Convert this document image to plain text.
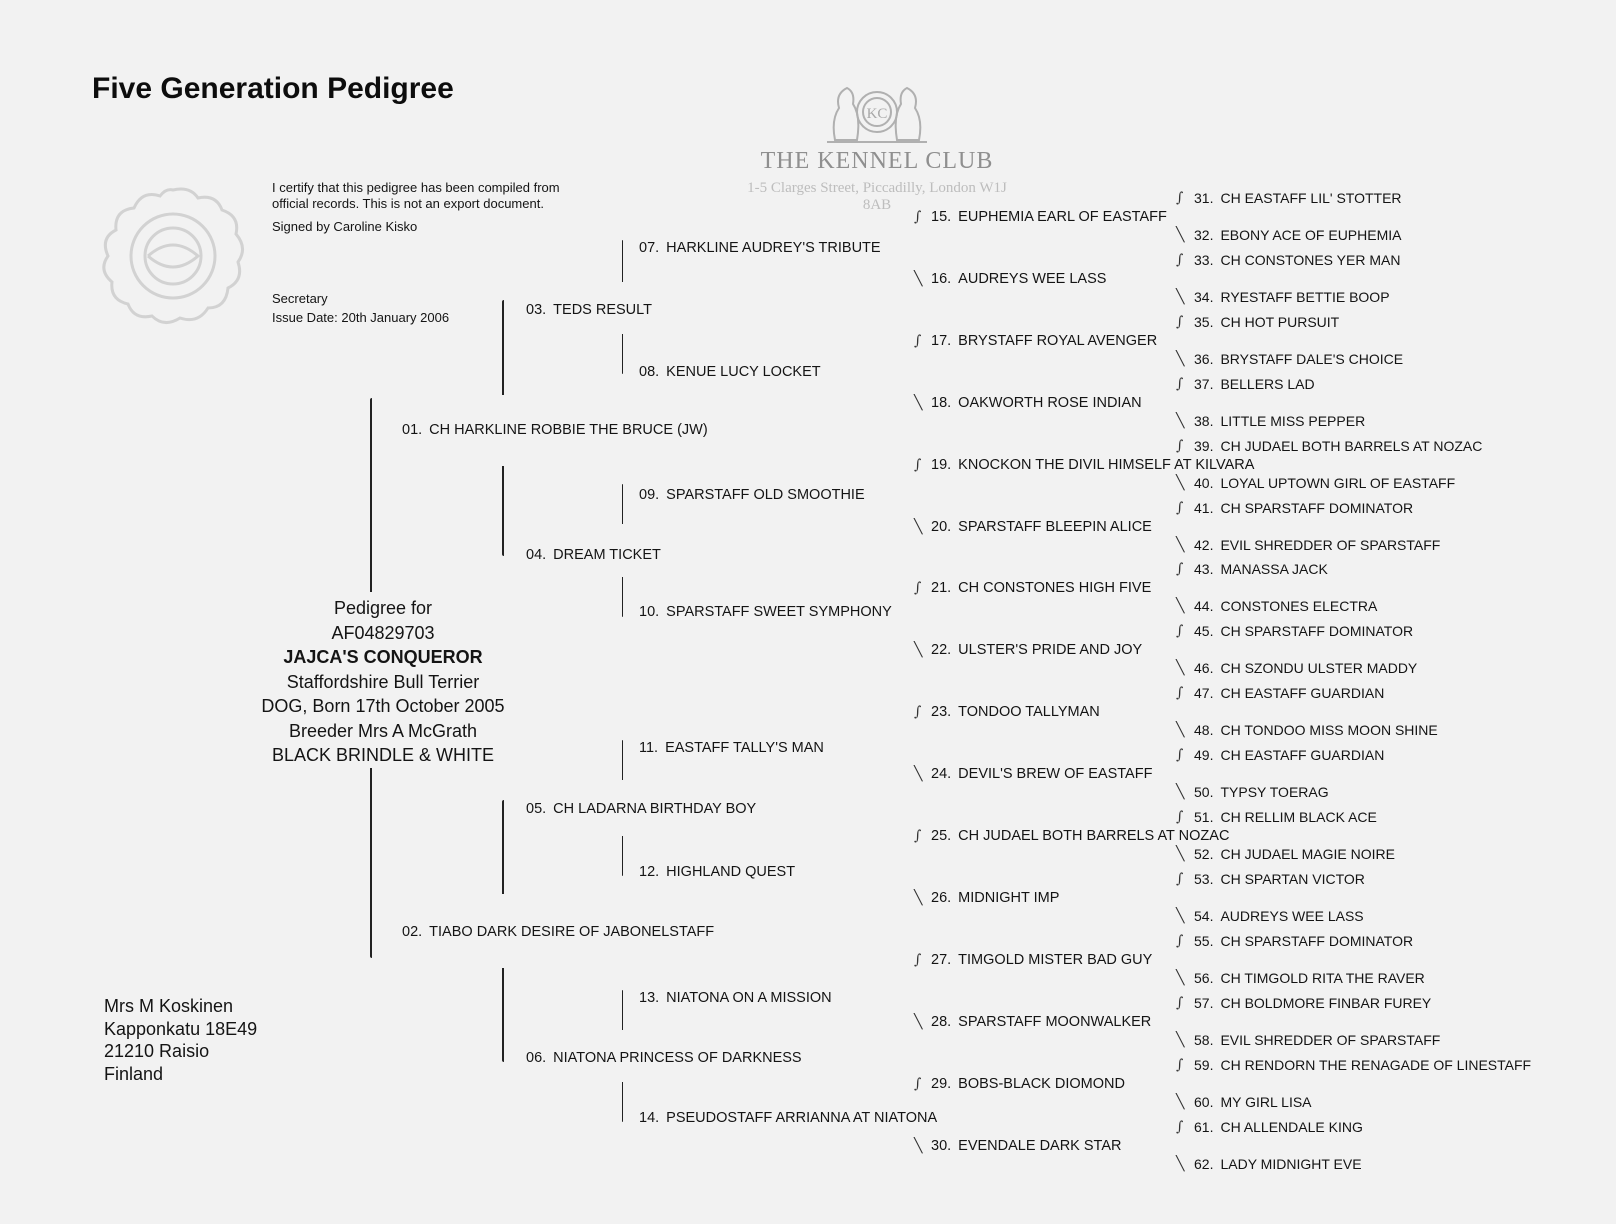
Five Generation Pedigree
I certify that this pedigree has been compiled from
official records. This is not an export document.
Signed by Caroline Kisko
Secretary
Issue Date: 20th January 2006
KC
THE KENNEL CLUB
1-5 Clarges Street, Piccadilly, London W1J 8AB
Pedigree for
AF04829703
JAJCA'S CONQUEROR
Staffordshire Bull Terrier
DOG, Born 17th October 2005
Breeder Mrs A McGrath
BLACK BRINDLE & WHITE
Mrs M Koskinen
Kapponkatu 18E49
21210 Raisio
Finland
01. CH HARKLINE ROBBIE THE BRUCE (JW)
02. TIABO DARK DESIRE OF JABONELSTAFF
03. TEDS RESULT
04. DREAM TICKET
05. CH LADARNA BIRTHDAY BOY
06. NIATONA PRINCESS OF DARKNESS
07. HARKLINE AUDREY'S TRIBUTE
08. KENUE LUCY LOCKET
09. SPARSTAFF OLD SMOOTHIE
10. SPARSTAFF SWEET SYMPHONY
11. EASTAFF TALLY'S MAN
12. HIGHLAND QUEST
13. NIATONA ON A MISSION
14. PSEUDOSTAFF ARRIANNA AT NIATONA
∫ 15. EUPHEMIA EARL OF EASTAFF
╲ 16. AUDREYS WEE LASS
∫ 17. BRYSTAFF ROYAL AVENGER
╲ 18. OAKWORTH ROSE INDIAN
∫ 19. KNOCKON THE DIVIL HIMSELF AT KILVARA
╲ 20. SPARSTAFF BLEEPIN ALICE
∫ 21. CH CONSTONES HIGH FIVE
╲ 22. ULSTER'S PRIDE AND JOY
∫ 23. TONDOO TALLYMAN
╲ 24. DEVIL'S BREW OF EASTAFF
∫ 25. CH JUDAEL BOTH BARRELS AT NOZAC
╲ 26. MIDNIGHT IMP
∫ 27. TIMGOLD MISTER BAD GUY
╲ 28. SPARSTAFF MOONWALKER
∫ 29. BOBS-BLACK DIOMOND
╲ 30. EVENDALE DARK STAR
∫ 31. CH EASTAFF LIL' STOTTER
╲ 32. EBONY ACE OF EUPHEMIA
∫ 33. CH CONSTONES YER MAN
╲ 34. RYESTAFF BETTIE BOOP
∫ 35. CH HOT PURSUIT
╲ 36. BRYSTAFF DALE'S CHOICE
∫ 37. BELLERS LAD
╲ 38. LITTLE MISS PEPPER
∫ 39. CH JUDAEL BOTH BARRELS AT NOZAC
╲ 40. LOYAL UPTOWN GIRL OF EASTAFF
∫ 41. CH SPARSTAFF DOMINATOR
╲ 42. EVIL SHREDDER OF SPARSTAFF
∫ 43. MANASSA JACK
╲ 44. CONSTONES ELECTRA
∫ 45. CH SPARSTAFF DOMINATOR
╲ 46. CH SZONDU ULSTER MADDY
∫ 47. CH EASTAFF GUARDIAN
╲ 48. CH TONDOO MISS MOON SHINE
∫ 49. CH EASTAFF GUARDIAN
╲ 50. TYPSY TOERAG
∫ 51. CH RELLIM BLACK ACE
╲ 52. CH JUDAEL MAGIE NOIRE
∫ 53. CH SPARTAN VICTOR
╲ 54. AUDREYS WEE LASS
∫ 55. CH SPARSTAFF DOMINATOR
╲ 56. CH TIMGOLD RITA THE RAVER
∫ 57. CH BOLDMORE FINBAR FUREY
╲ 58. EVIL SHREDDER OF SPARSTAFF
∫ 59. CH RENDORN THE RENAGADE OF LINESTAFF
╲ 60. MY GIRL LISA
∫ 61. CH ALLENDALE KING
╲ 62. LADY MIDNIGHT EVE
